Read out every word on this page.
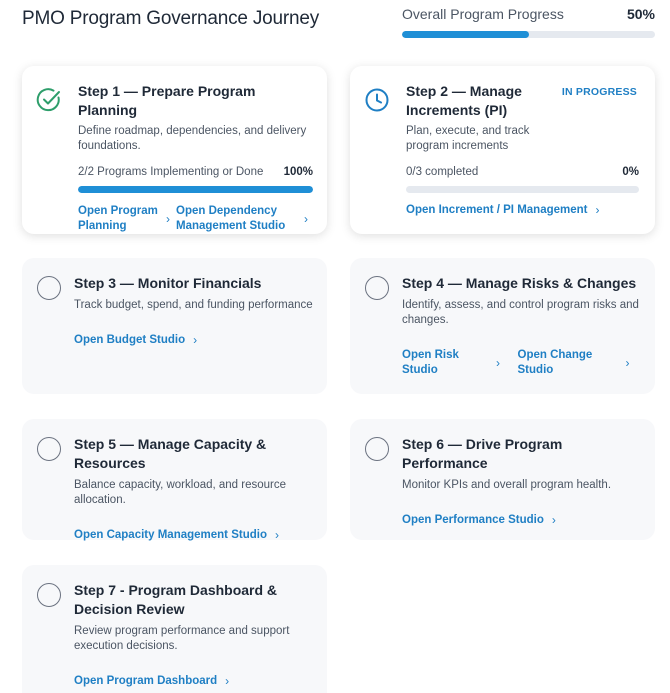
PMO Program Governance Journey	Overall Program Progress	50%
Step 1 — Prepare Program Planning
Define roadmap, dependencies, and delivery foundations.
2/2 Programs Implementing or Done 100%
Open Program Planning
›
Open Dependency Management Studio
›
IN PROGRESS
Step 2 — Manage Increments (PI)
Plan, execute, and track program increments
0/3 completed	0%
Open Increment / PI Management ›
Step 3 — Monitor Financials
Track budget, spend, and funding performance
Open Budget Studio ›
Step 4 — Manage Risks & Changes
Identify, assess, and control program risks and changes.
Open Risk Studio
›
Open Change Studio
›
Step 5 — Manage Capacity & Resources
Balance capacity, workload, and resource allocation.
Open Capacity Management Studio ›
Step 6 — Drive Program Performance
Monitor KPIs and overall program health.
Open Performance Studio ›
Step 7 - Program Dashboard & Decision Review
Review program performance and support execution decisions.
Open Program Dashboard ›
